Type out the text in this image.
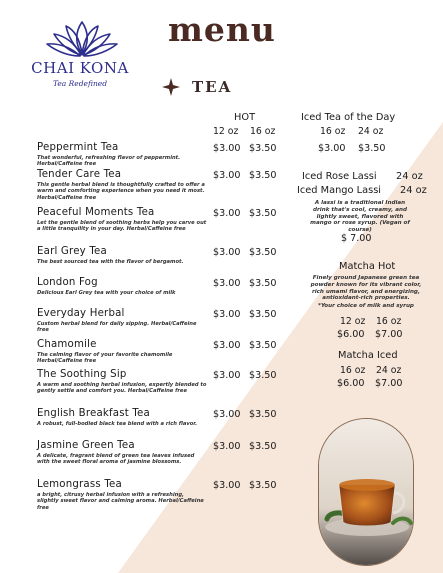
CHAI KONA
Tea Redefined
menu
TEA
HOT
12 oz 16 oz
Peppermint Tea
That wonderful, refreshing flavor of peppermint. Herbal/Caffeine free
$3.00 $3.50
Tender Care Tea
This gentle herbal blend is thoughtfully crafted to offer a warm and comforting experience when you need it most. Herbal/Caffeine free
$3.00 $3.50
Peaceful Moments Tea
Let the gentle blend of soothing herbs help you carve out a little tranquility in your day. Herbal/Caffeine free
$3.00 $3.50
Earl Grey Tea
The best sourced tea with the flavor of bergamot.
$3.00 $3.50
London Fog
Delicious Earl Grey tea with your choice of milk
$3.00 $3.50
Everyday Herbal
Custom herbal blend for daily sipping. Herbal/Caffeine free
$3.00 $3.50
Chamomile
The calming flavor of your favorite chamomile Herbal/Caffeine free
$3.00 $3.50
The Soothing Sip
A warm and soothing herbal infusion, expertly blended to gently settle and comfort you. Herbal/Caffeine free
$3.00 $3.50
English Breakfast Tea
A robust, full-bodied black tea blend with a rich flavor.
$3.00 $3.50
Jasmine Green Tea
A delicate, fragrant blend of green tea leaves infused with the sweet floral aroma of jasmine blossoms.
$3.00 $3.50
Lemongrass Tea
a bright, citrusy herbal infusion with a refreshing, slightly sweet flavor and calming aroma. Herbal/Caffeine free
$3.00 $3.50
Iced Tea of the Day
16 oz 24 oz
$3.00 $3.50
Iced Rose Lassi 24 oz
Iced Mango Lassi 24 oz
A lassi is a traditional Indian drink that's cool, creamy, and lightly sweet, flavored with mango or rose syrup. (Vegan of course)
$ 7.00
Matcha Hot
Finely ground Japanese green tea powder known for its vibrant color, rich umami flavor, and energizing, antioxidant-rich properties.
*Your choice of milk and syrup
12 oz 16 oz
$6.00 $7.00
Matcha Iced
16 oz 24 oz
$6.00 $7.00
